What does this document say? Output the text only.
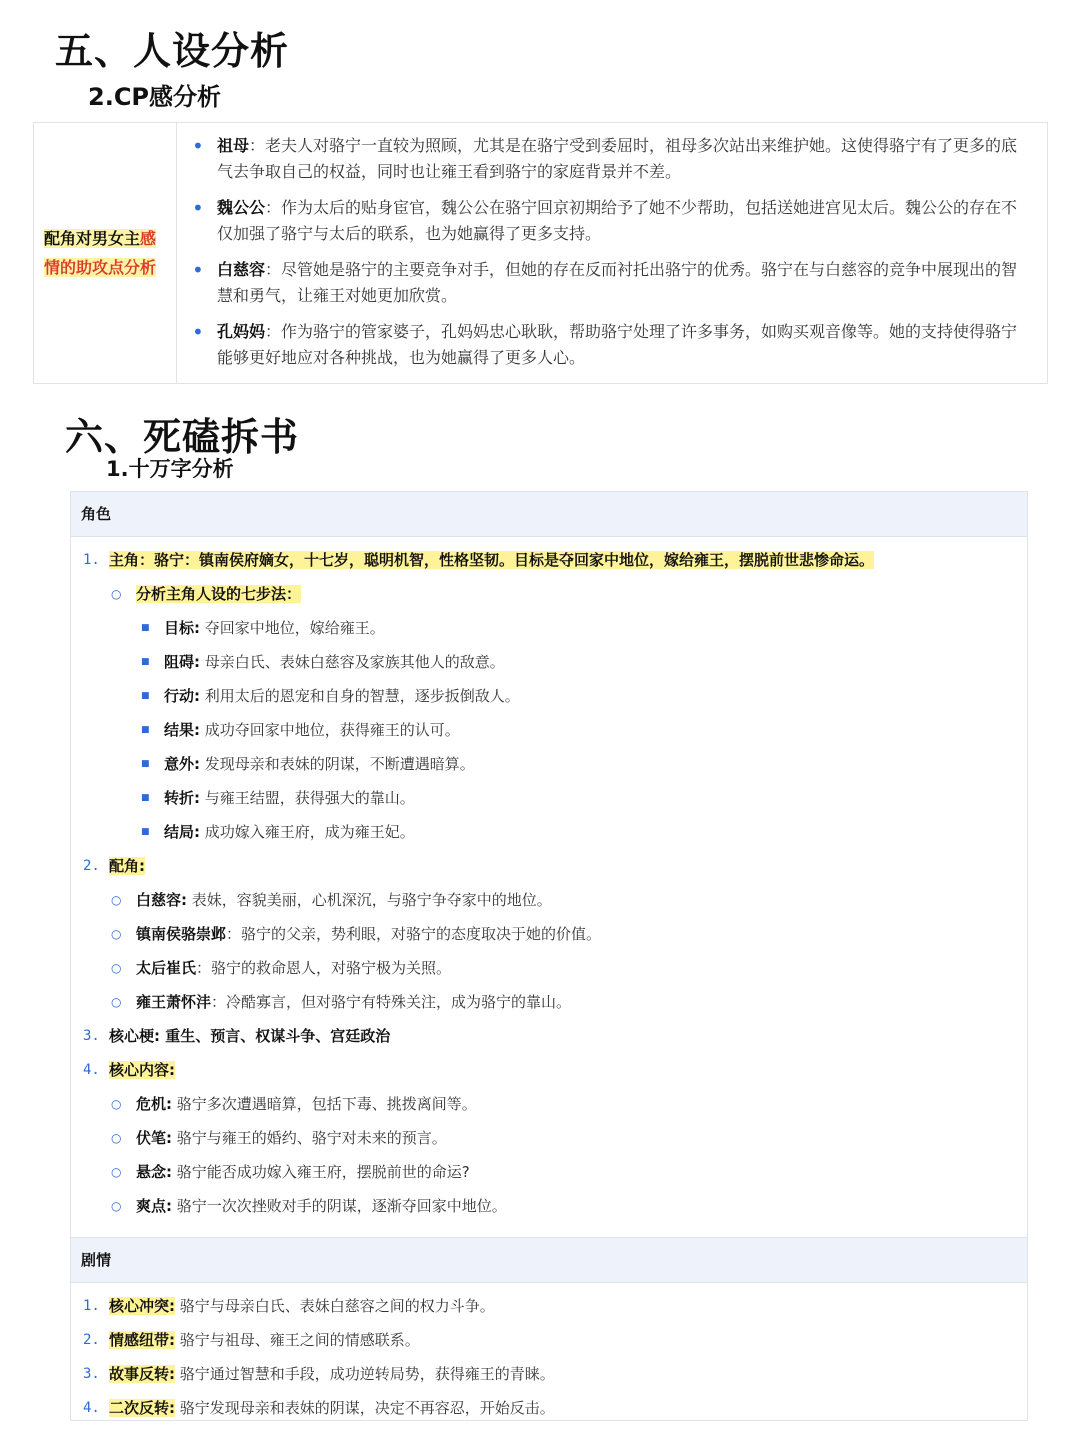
五、人设分析
2.CP感分析
配角对男女主感
情的助攻点分析
• 祖母：老夫人对骆宁一直较为照顾，尤其是在骆宁受到委屈时，祖母多次站出来维护她。这使得骆宁有了更多的底气去争取自己的权益，同时也让雍王看到骆宁的家庭背景并不差。
• 魏公公：作为太后的贴身宦官，魏公公在骆宁回京初期给予了她不少帮助，包括送她进宫见太后。魏公公的存在不仅加强了骆宁与太后的联系，也为她赢得了更多支持。
• 白慈容：尽管她是骆宁的主要竞争对手，但她的存在反而衬托出骆宁的优秀。骆宁在与白慈容的竞争中展现出的智慧和勇气，让雍王对她更加欣赏。
• 孔妈妈：作为骆宁的管家婆子，孔妈妈忠心耿耿，帮助骆宁处理了许多事务，如购买观音像等。她的支持使得骆宁能够更好地应对各种挑战，也为她赢得了更多人心。
六、死磕拆书
1.十万字分析
角色
1. 主角：骆宁：镇南侯府嫡女，十七岁，聪明机智，性格坚韧。目标是夺回家中地位，嫁给雍王，摆脱前世悲惨命运。
○ 分析主角人设的七步法：
■ 目标: 夺回家中地位，嫁给雍王。
■ 阻碍: 母亲白氏、表妹白慈容及家族其他人的敌意。
■ 行动: 利用太后的恩宠和自身的智慧，逐步扳倒敌人。
■ 结果: 成功夺回家中地位，获得雍王的认可。
■ 意外: 发现母亲和表妹的阴谋，不断遭遇暗算。
■ 转折: 与雍王结盟，获得强大的靠山。
■ 结局: 成功嫁入雍王府，成为雍王妃。
2. 配角:
○ 白慈容: 表妹，容貌美丽，心机深沉，与骆宁争夺家中的地位。
○ 镇南侯骆崇邺：骆宁的父亲，势利眼，对骆宁的态度取决于她的价值。
○ 太后崔氏：骆宁的救命恩人，对骆宁极为关照。
○ 雍王萧怀沣：冷酷寡言，但对骆宁有特殊关注，成为骆宁的靠山。
3. 核心梗: 重生、预言、权谋斗争、宫廷政治
4. 核心内容:
○ 危机: 骆宁多次遭遇暗算，包括下毒、挑拨离间等。
○ 伏笔: 骆宁与雍王的婚约、骆宁对未来的预言。
○ 悬念: 骆宁能否成功嫁入雍王府，摆脱前世的命运?
○ 爽点: 骆宁一次次挫败对手的阴谋，逐渐夺回家中地位。
剧情
1. 核心冲突: 骆宁与母亲白氏、表妹白慈容之间的权力斗争。
2. 情感纽带: 骆宁与祖母、雍王之间的情感联系。
3. 故事反转: 骆宁通过智慧和手段，成功逆转局势，获得雍王的青睐。
4. 二次反转: 骆宁发现母亲和表妹的阴谋，决定不再容忍，开始反击。
